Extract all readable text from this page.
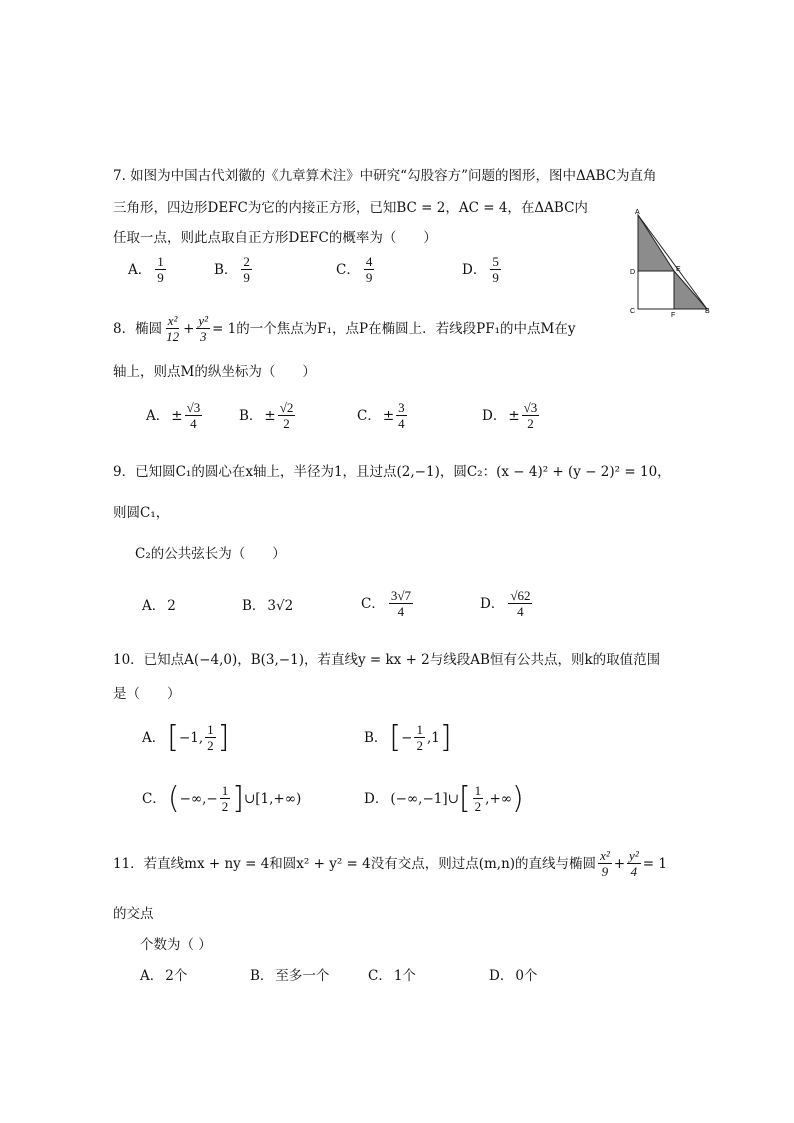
7. 如图为中国古代刘徽的《九章算术注》中研究“勾股容方”问题的图形，图中ΔABC为直角
三角形，四边形DEFC为它的内接正方形，已知BC = 2，AC = 4，在ΔABC内
任取一点，则此点取自正方形DEFC的概率为（　　）
A． $\frac{1}{9}$	B． $\frac{2}{9}$	C． $\frac{4}{9}$	D． $\frac{5}{9}$
A
D	E
C
F
B
8．椭圆 $\frac{\text{x²}}{12} + \frac{\text{y²}}{3} = 1$的一个焦点为F₁，点P在椭圆上．若线段PF₁的中点M在y
轴上，则点M的纵坐标为（　　）
A． ± $\frac{√3}{4}$	B． ± $\frac{√2}{2}$	C． ± $\frac{3}{4}$	D． ± $\frac{√3}{2}$
9．已知圆C₁的圆心在x轴上，半径为1，且过点(2,−1)，圆C₂：(x − 4)² + (y − 2)² = 10，
则圆C₁，
C₂的公共弦长为（　　）
A． 2	B． 3√2	C． $\frac{3√7}{4}$	D． $\frac{√62}{4}$
10．已知点A(−4,0)，B(3,−1)，若直线y = kx + 2与线段AB恒有公共点，则k的取值范围
是（　　）
A． [ −1, $\frac{1}{2}$ ]	B． [ − $\frac{1}{2} ,1$ ]
C． ( −∞,− $\frac{1}{2}$ ] ∪[1,+∞)	D． (−∞,−1]∪ [ $\frac{1}{2}$ ,+∞ )
11．若直线mx + ny = 4和圆x² + y² = 4没有交点，则过点(m,n)的直线与椭圆 $\frac{\text{x²}}{9} + \frac{\text{y²}}{4} = 1$
的交点
个数为（ ）
A． 2个	B． 至多一个	C． 1个	D． 0个
